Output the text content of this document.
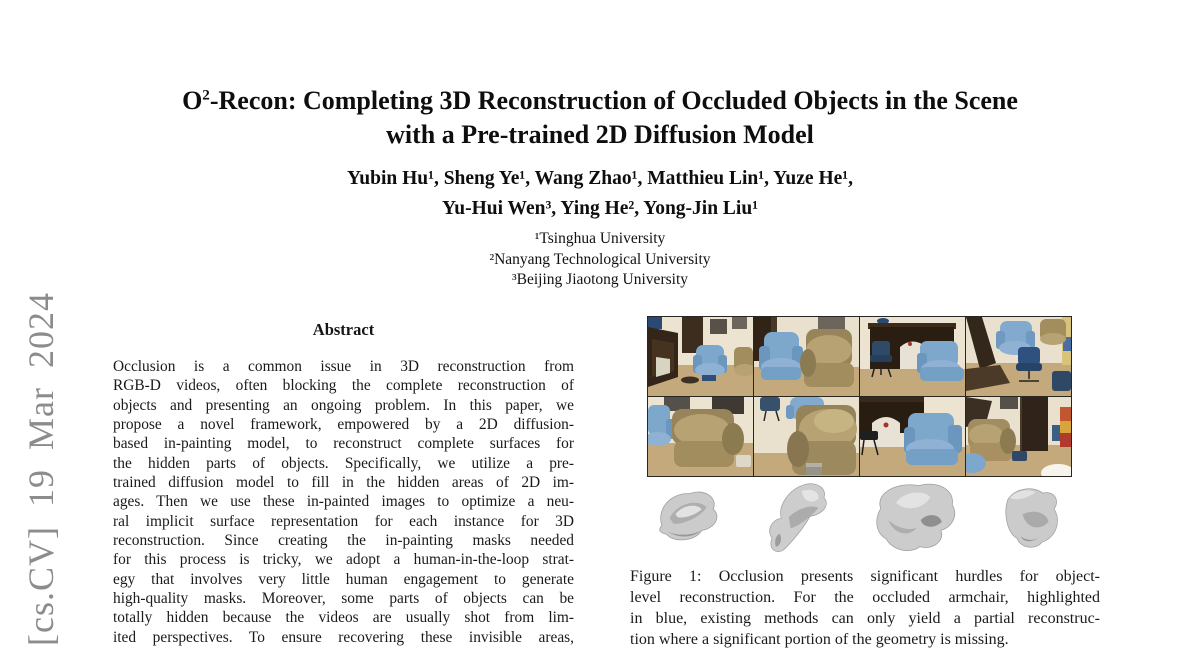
[cs.CV] 19 Mar 2024
$O^2$-Recon: Completing 3D Reconstruction of Occluded Objects in the Scene
with a Pre-trained 2D Diffusion Model
Yubin Hu¹, Sheng Ye¹, Wang Zhao¹, Matthieu Lin¹, Yuze He¹,
Yu-Hui Wen³, Ying He², Yong-Jin Liu¹
¹Tsinghua University
²Nanyang Technological University
³Beijing Jiaotong University
Abstract
Occlusion is a common issue in 3D reconstruction from
RGB-D videos, often blocking the complete reconstruction of
objects and presenting an ongoing problem. In this paper, we
propose a novel framework, empowered by a 2D diffusion-
based in-painting model, to reconstruct complete surfaces for
the hidden parts of objects. Specifically, we utilize a pre-
trained diffusion model to fill in the hidden areas of 2D im-
ages. Then we use these in-painted images to optimize a neu-
ral implicit surface representation for each instance for 3D
reconstruction. Since creating the in-painting masks needed
for this process is tricky, we adopt a human-in-the-loop strat-
egy that involves very little human engagement to generate
high-quality masks. Moreover, some parts of objects can be
totally hidden because the videos are usually shot from lim-
ited perspectives. To ensure recovering these invisible areas,
Figure 1: Occlusion presents significant hurdles for object-
level reconstruction. For the occluded armchair, highlighted
in blue, existing methods can only yield a partial reconstruc-
tion where a significant portion of the geometry is missing.
